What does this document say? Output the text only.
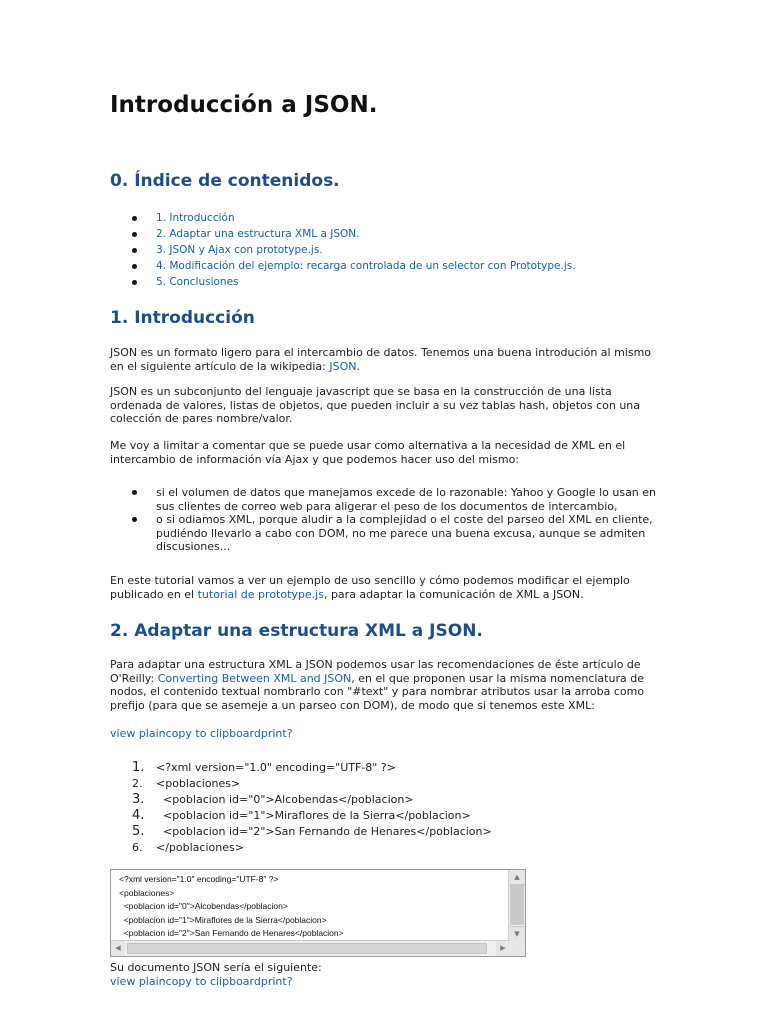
Introducción a JSON.
0. Índice de contenidos.
1. Introducción
2. Adaptar una estructura XML a JSON.
3. JSON y Ajax con prototype.js.
4. Modificación del ejemplo: recarga controlada de un selector con Prototype.js.
5. Conclusiones
1. Introducción

JSON es un formato ligero para el intercambio de datos. Tenemos una buena introdución al mismo en el siguiente artículo de la wikipedia: JSON.

JSON es un subconjunto del lenguaje javascript que se basa en la construcción de una lista ordenada de valores, listas de objetos, que pueden incluir a su vez tablas hash, objetos con una colección de pares nombre/valor.

Me voy a limitar a comentar que se puede usar como alternativa a la necesidad de XML en el intercambio de información vía Ajax y que podemos hacer uso del mismo:

si el volumen de datos que manejamos excede de lo razonable: Yahoo y Google lo usan en sus clientes de correo web para aligerar el peso de los documentos de intercambio,
o si odiamos XML, porque aludir a la complejidad o el coste del parseo del XML en cliente, pudiéndo llevarlo a cabo con DOM, no me parece una buena excusa, aunque se admiten discusiones...

En este tutorial vamos a ver un ejemplo de uso sencillo y cómo podemos modificar el ejemplo publicado en el tutorial de prototype.js, para adaptar la comunicación de XML a JSON.

2. Adaptar una estructura XML a JSON.

Para adaptar una estructura XML a JSON podemos usar las recomendaciones de éste artículo de O'Reilly: Converting Between XML and JSON, en el que proponen usar la misma nomenclatura de nodos, el contenido textual nombrarlo con "#text" y para nombrar atributos usar la arroba como prefijo (para que se asemeje a un parseo con DOM), de modo que si tenemos este XML:

view plaincopy to clipboardprint?
1.	<?xml version="1.0" encoding="UTF-8" ?>
2.	<poblaciones>
3.	<poblacion id="0">Alcobendas</poblacion>
4.	<poblacion id="1">Miraflores de la Sierra</poblacion>
5.	<poblacion id="2">San Fernando de Henares</poblacion>
6.	</poblaciones>
<?xml version="1.0" encoding="UTF-8" ?>
<poblaciones>
<poblacion id="0">Alcobendas</poblacion>
<poblacion id="1">Miraflores de la Sierra</poblacion>
<poblacion id="2">San Fernando de Henares</poblacion>
▲
▼
◀	▶

Su documento JSON sería el siguiente:

view plaincopy to clipboardprint?
